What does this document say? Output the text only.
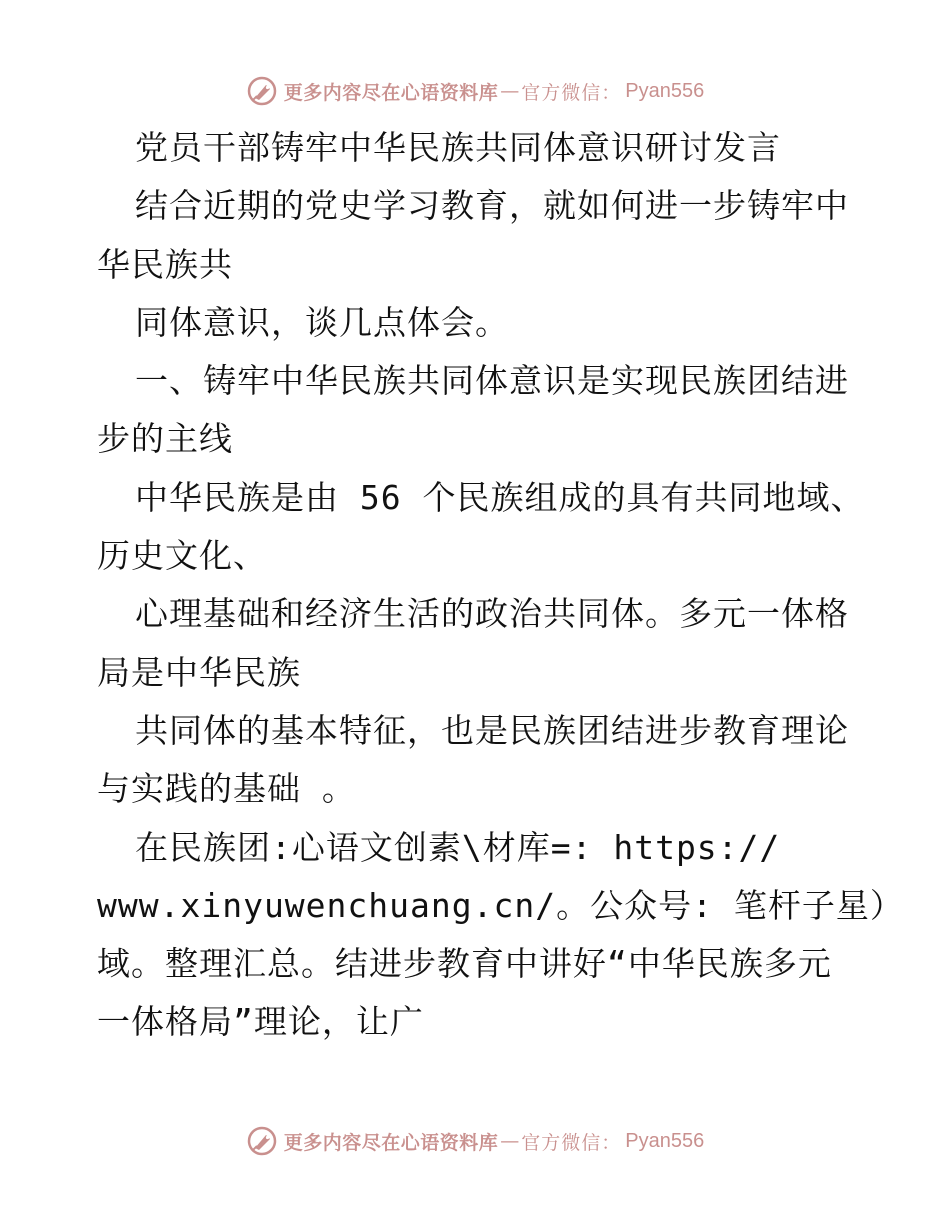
更多内容尽在心语资料库 — 官方微信： Pyan556
党员干部铸牢中华民族共同体意识研讨发言
结合近期的党史学习教育，就如何进一步铸牢中
华民族共
同体意识，谈几点体会。
一、铸牢中华民族共同体意识是实现民族团结进
步的主线
中华民族是由 56 个民族组成的具有共同地域、
历史文化、
心理基础和经济生活的政治共同体。多元一体格
局是中华民族
共同体的基本特征，也是民族团结进步教育理论
与实践的基础 。
在民族团:心语文创素\材库=: https://
www.xinyuwenchuang.cn/。公众号: 笔杆子星）
域。整理汇总。结进步教育中讲好“中华民族多元
一体格局”理论，让广
更多内容尽在心语资料库 — 官方微信： Pyan556
